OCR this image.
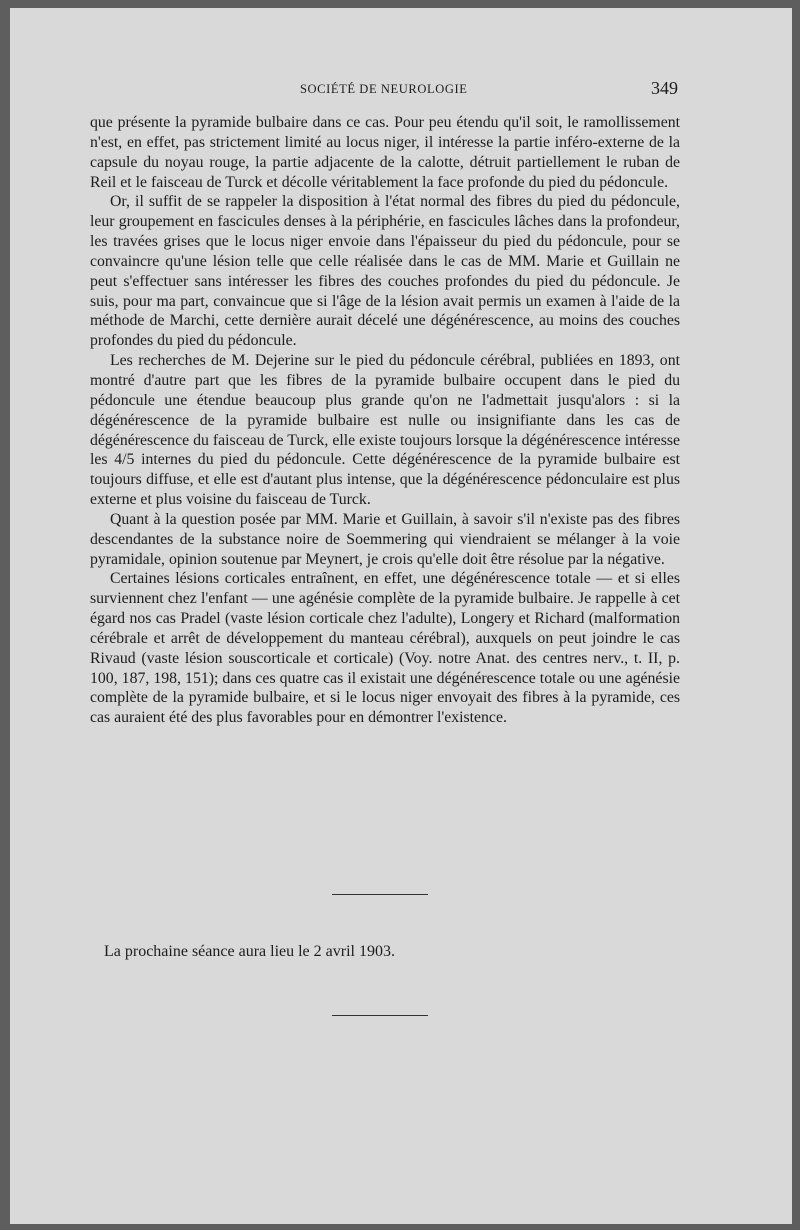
SOCIÉTÉ DE NEUROLOGIE	349

que présente la pyramide bulbaire dans ce cas. Pour peu étendu qu'il soit, le ramollissement n'est, en effet, pas strictement limité au locus niger, il intéresse la partie inféro-externe de la capsule du noyau rouge, la partie adjacente de la calotte, détruit partiellement le ruban de Reil et le faisceau de Turck et décolle véritablement la face profonde du pied du pédoncule.

Or, il suffit de se rappeler la disposition à l'état normal des fibres du pied du pédoncule, leur groupement en fascicules denses à la périphérie, en fascicules lâches dans la profondeur, les travées grises que le locus niger envoie dans l'épaisseur du pied du pédoncule, pour se convaincre qu'une lésion telle que celle réalisée dans le cas de MM. Marie et Guillain ne peut s'effectuer sans intéresser les fibres des couches profondes du pied du pédoncule. Je suis, pour ma part, convaincue que si l'âge de la lésion avait permis un examen à l'aide de la méthode de Marchi, cette dernière aurait décelé une dégénérescence, au moins des couches profondes du pied du pédoncule.

Les recherches de M. Dejerine sur le pied du pédoncule cérébral, publiées en 1893, ont montré d'autre part que les fibres de la pyramide bulbaire occupent dans le pied du pédoncule une étendue beaucoup plus grande qu'on ne l'admettait jusqu'alors : si la dégénérescence de la pyramide bulbaire est nulle ou insignifiante dans les cas de dégénérescence du faisceau de Turck, elle existe toujours lorsque la dégénérescence intéresse les 4/5 internes du pied du pédoncule. Cette dégénérescence de la pyramide bulbaire est toujours diffuse, et elle est d'autant plus intense, que la dégénérescence pédonculaire est plus externe et plus voisine du faisceau de Turck.

Quant à la question posée par MM. Marie et Guillain, à savoir s'il n'existe pas des fibres descendantes de la substance noire de Soemmering qui viendraient se mélanger à la voie pyramidale, opinion soutenue par Meynert, je crois qu'elle doit être résolue par la négative.

Certaines lésions corticales entraînent, en effet, une dégénérescence totale — et si elles surviennent chez l'enfant — une agénésie complète de la pyramide bulbaire. Je rappelle à cet égard nos cas Pradel (vaste lésion corticale chez l'adulte), Longery et Richard (malformation cérébrale et arrêt de développement du manteau cérébral), auxquels on peut joindre le cas Rivaud (vaste lésion souscorticale et corticale) (Voy. notre Anat. des centres nerv., t. II, p. 100, 187, 198, 151); dans ces quatre cas il existait une dégénérescence totale ou une agénésie complète de la pyramide bulbaire, et si le locus niger envoyait des fibres à la pyramide, ces cas auraient été des plus favorables pour en démontrer l'existence.

La prochaine séance aura lieu le 2 avril 1903.
